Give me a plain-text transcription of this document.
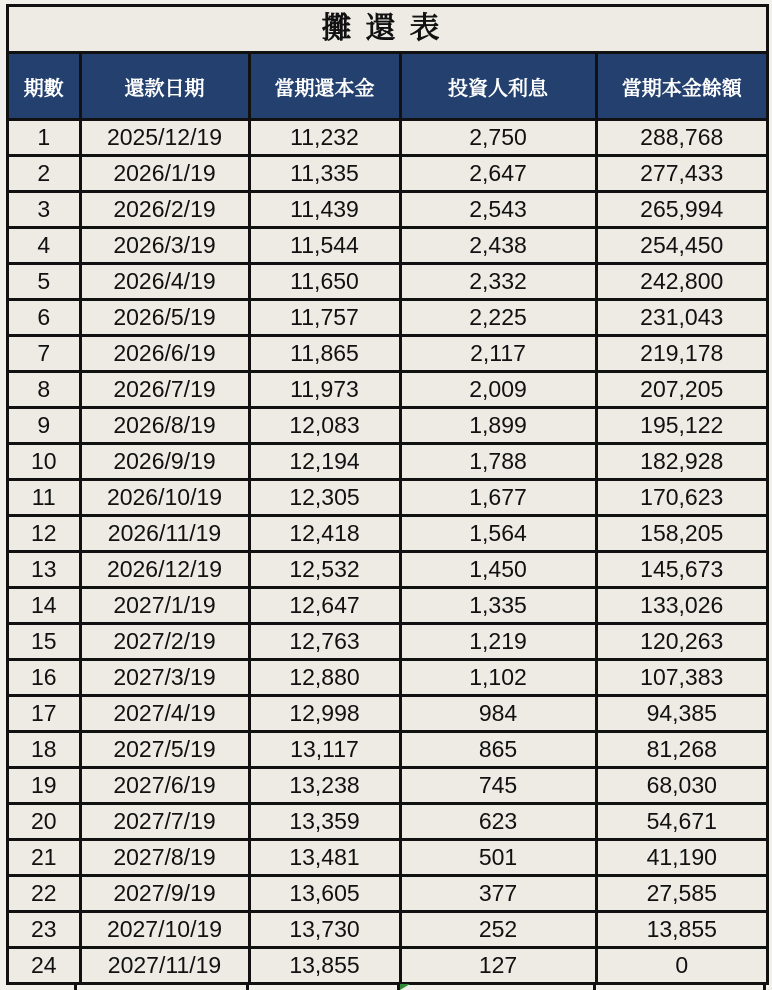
攤還表
期數	還款日期	當期還本金	投資人利息	當期本金餘額
1	2025/12/19	11,232	2,750	288,768
2	2026/1/19	11,335	2,647	277,433
3	2026/2/19	11,439	2,543	265,994
4	2026/3/19	11,544	2,438	254,450
5	2026/4/19	11,650	2,332	242,800
6	2026/5/19	11,757	2,225	231,043
7	2026/6/19	11,865	2,117	219,178
8	2026/7/19	11,973	2,009	207,205
9	2026/8/19	12,083	1,899	195,122
10	2026/9/19	12,194	1,788	182,928
11	2026/10/19	12,305	1,677	170,623
12	2026/11/19	12,418	1,564	158,205
13	2026/12/19	12,532	1,450	145,673
14	2027/1/19	12,647	1,335	133,026
15	2027/2/19	12,763	1,219	120,263
16	2027/3/19	12,880	1,102	107,383
17	2027/4/19	12,998	984	94,385
18	2027/5/19	13,117	865	81,268
19	2027/6/19	13,238	745	68,030
20	2027/7/19	13,359	623	54,671
21	2027/8/19	13,481	501	41,190
22	2027/9/19	13,605	377	27,585
23	2027/10/19	13,730	252	13,855
24	2027/11/19	13,855	127	0
